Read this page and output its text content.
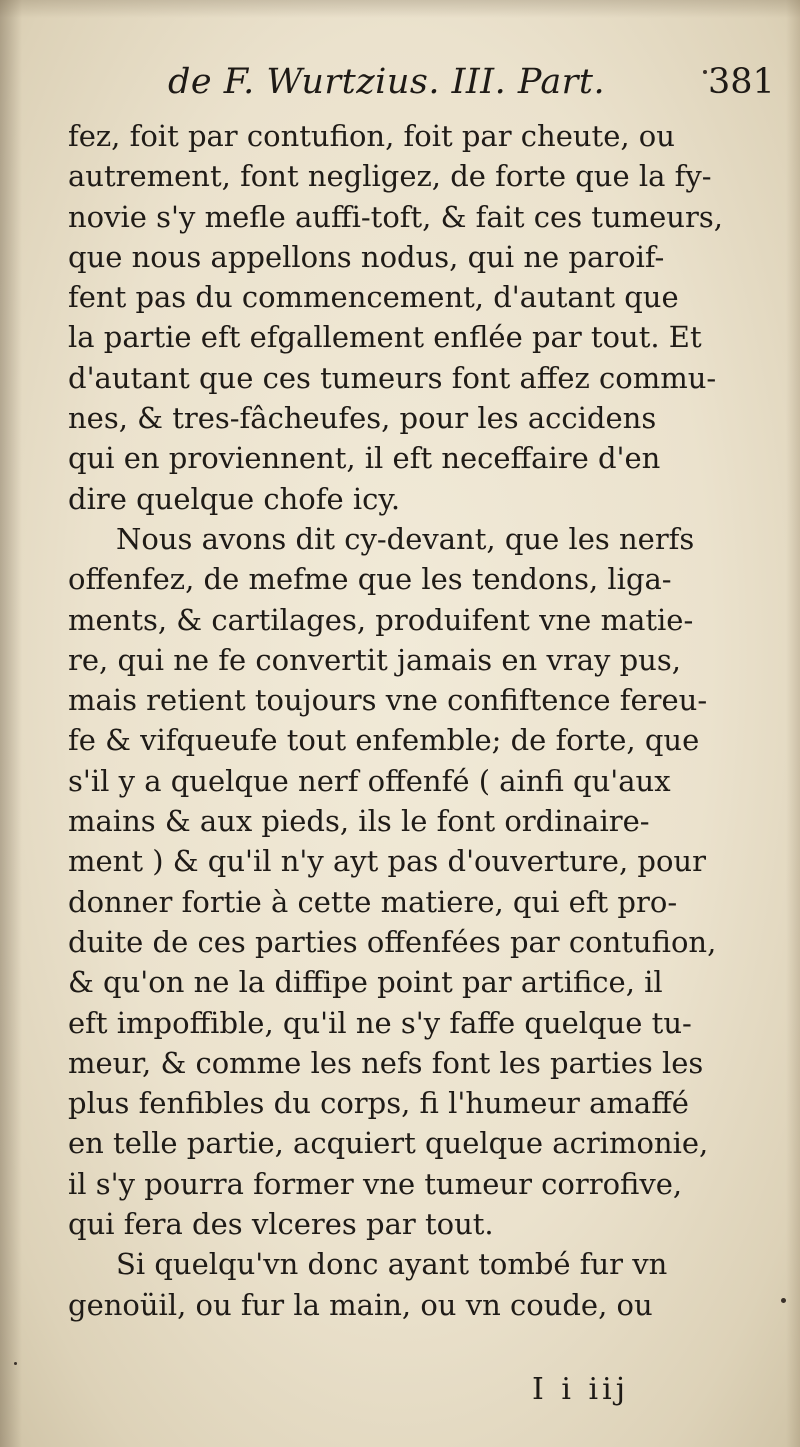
de F. Wurtzius. III. Part.	381
fez, foit par contufion, foit par cheute, ou
autrement, font negligez, de forte que la fy-
novie s'y mefle auffi-toft, & fait ces tumeurs,
que nous appellons nodus, qui ne paroif-
fent pas du commencement, d'autant que
la partie eft efgallement enflée par tout. Et
d'autant que ces tumeurs font affez commu-
nes, & tres-fâcheufes, pour les accidens
qui en proviennent, il eft neceffaire d'en
dire quelque chofe icy.
Nous avons dit cy-devant, que les nerfs
offenfez, de mefme que les tendons, liga-
ments, & cartilages, produifent vne matie-
re, qui ne fe convertit jamais en vray pus,
mais retient toujours vne confiftence fereu-
fe & vifqueufe tout enfemble; de forte, que
s'il y a quelque nerf offenfé ( ainfi qu'aux
mains & aux pieds, ils le font ordinaire-
ment ) & qu'il n'y ayt pas d'ouverture, pour
donner fortie à cette matiere, qui eft pro-
duite de ces parties offenfées par contufion,
& qu'on ne la diffipe point par artifice, il
eft impoffible, qu'il ne s'y faffe quelque tu-
meur, & comme les nefs font les parties les
plus fenfibles du corps, fi l'humeur amaffé
en telle partie, acquiert quelque acrimonie,
il s'y pourra former vne tumeur corrofive,
qui fera des vlceres par tout.
Si quelqu'vn donc ayant tombé fur vn
genoüil, ou fur la main, ou vn coude, ou
I i iij
